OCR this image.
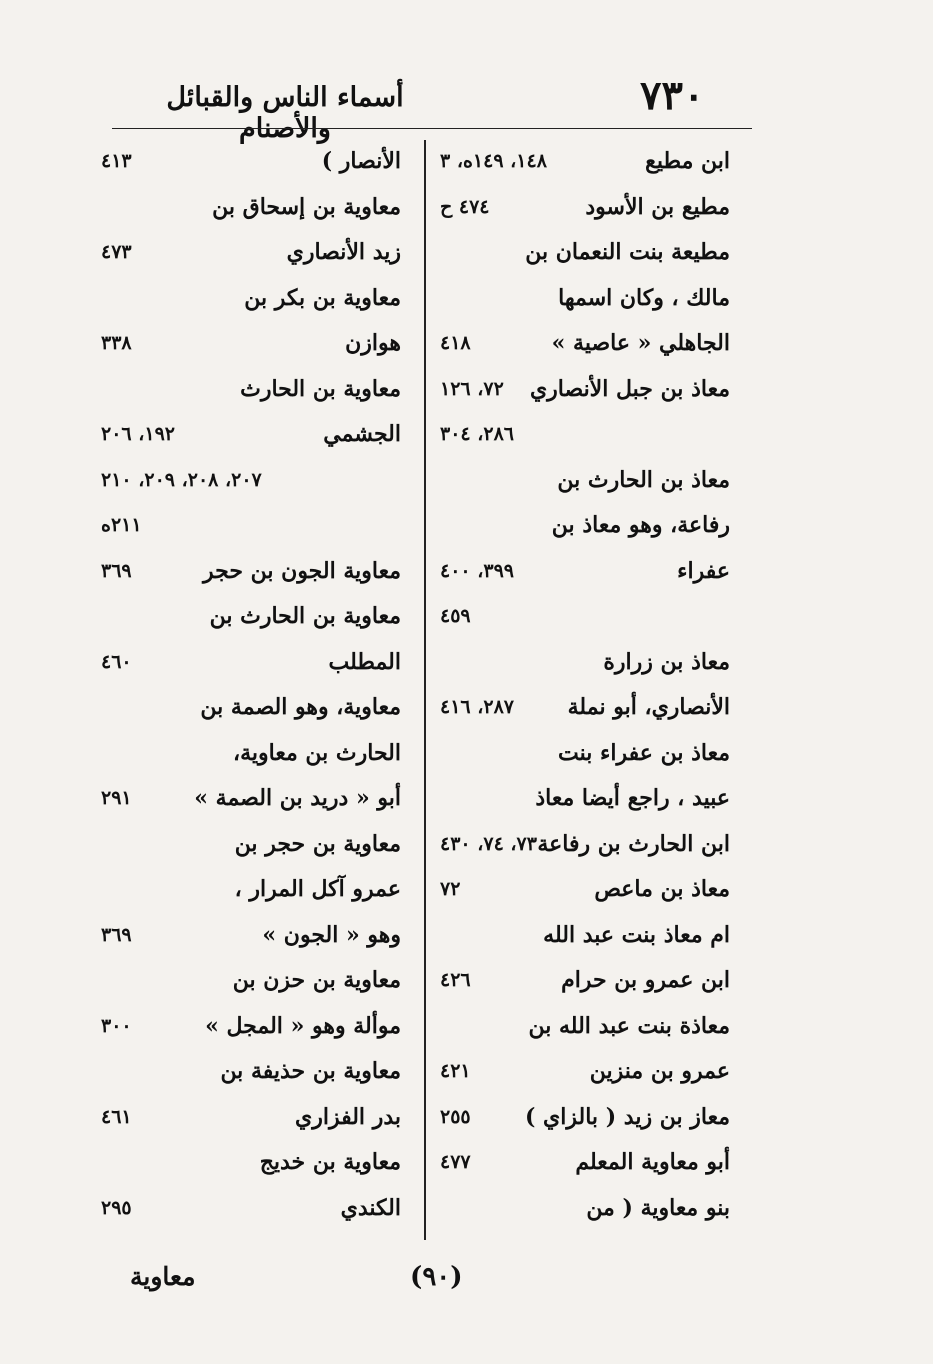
٧٣٠
أسماء الناس والقبائل والأصنام
ابن مطيع
١٤٨، ١٤٩ه، ٣
مطيع بن الأسود
٤٧٤ ح
مطيعة بنت النعمان بن
مالك ، وكان اسمها
الجاهلي « عاصية »
٤١٨
معاذ بن جبل الأنصاري
٧٢، ١٢٦
٢٨٦، ٣٠٤
معاذ بن الحارث بن
رفاعة، وهو معاذ بن
عفراء
٣٩٩، ٤٠٠
٤٥٩
معاذ بن زرارة
الأنصاري، أبو نملة
٢٨٧، ٤١٦
معاذ بن عفراء بنت
عبيد ، راجع أيضا معاذ
ابن الحارث بن رفاعة
٧٣، ٧٤، ٤٣٠
معاذ بن ماعص
٧٢
ام معاذ بنت عبد الله
ابن عمرو بن حرام
٤٢٦
معاذة بنت عبد الله بن
عمرو بن منزين
٤٢١
معاز بن زيد ( بالزاي )
٢٥٥
أبو معاوية المعلم
٤٧٧
بنو معاوية ( من
الأنصار )
٤١٣
معاوية بن إسحاق بن
زيد الأنصاري
٤٧٣
معاوية بن بكر بن
هوازن
٣٣٨
معاوية بن الحارث
الجشمي
١٩٢، ٢٠٦
٢٠٧، ٢٠٨، ٢٠٩، ٢١٠
٢١١ه
معاوية الجون بن حجر
٣٦٩
معاوية بن الحارث بن
المطلب
٤٦٠
معاوية، وهو الصمة بن
الحارث بن معاوية،
أبو « دريد بن الصمة »
٢٩١
معاوية بن حجر بن
عمرو آكل المرار ،
وهو « الجون »
٣٦٩
معاوية بن حزن بن
موألة وهو « المجل »
٣٠٠
معاوية بن حذيفة بن
بدر الفزاري
٤٦١
معاوية بن خديج
الكندي
٢٩٥
(٩٠)
معاوية
